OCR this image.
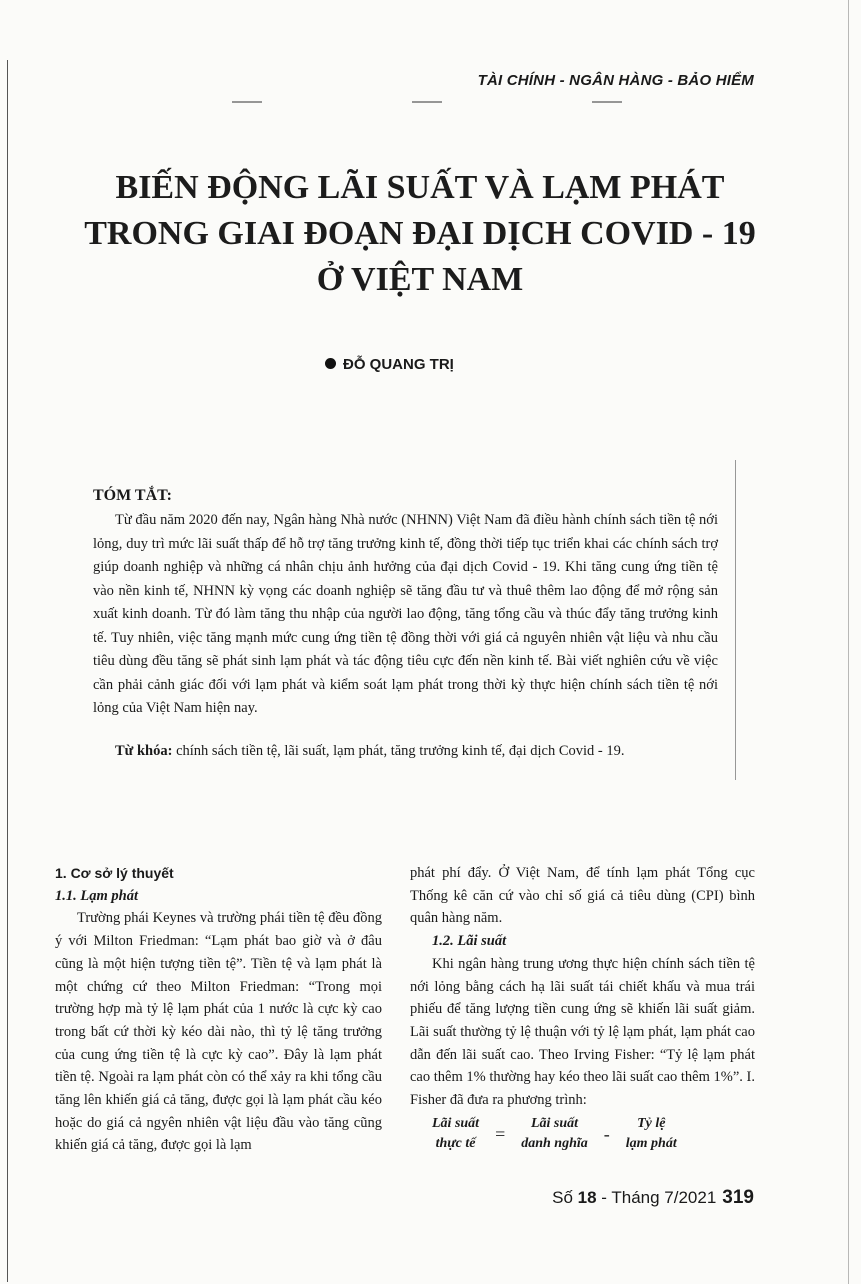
TÀI CHÍNH - NGÂN HÀNG - BẢO HIỂM
BIẾN ĐỘNG LÃI SUẤT VÀ LẠM PHÁT
TRONG GIAI ĐOẠN ĐẠI DỊCH COVID - 19
Ở VIỆT NAM
ĐỖ QUANG TRỊ
TÓM TẮT:

Từ đầu năm 2020 đến nay, Ngân hàng Nhà nước (NHNN) Việt Nam đã điều hành chính sách tiền tệ nới lỏng, duy trì mức lãi suất thấp để hỗ trợ tăng trưởng kinh tế, đồng thời tiếp tục triển khai các chính sách trợ giúp doanh nghiệp và những cá nhân chịu ảnh hưởng của đại dịch Covid - 19. Khi tăng cung ứng tiền tệ vào nền kinh tế, NHNN kỳ vọng các doanh nghiệp sẽ tăng đầu tư và thuê thêm lao động để mở rộng sản xuất kinh doanh. Từ đó làm tăng thu nhập của người lao động, tăng tổng cầu và thúc đẩy tăng trưởng kinh tế. Tuy nhiên, việc tăng mạnh mức cung ứng tiền tệ đồng thời với giá cả nguyên nhiên vật liệu và nhu cầu tiêu dùng đều tăng sẽ phát sinh lạm phát và tác động tiêu cực đến nền kinh tế. Bài viết nghiên cứu về việc cần phải cảnh giác đối với lạm phát và kiểm soát lạm phát trong thời kỳ thực hiện chính sách tiền tệ nới lỏng của Việt Nam hiện nay.

Từ khóa: chính sách tiền tệ, lãi suất, lạm phát, tăng trưởng kinh tế, đại dịch Covid - 19.
1. Cơ sở lý thuyết
1.1. Lạm phát

Trường phái Keynes và trường phái tiền tệ đều đồng ý với Milton Friedman: “Lạm phát bao giờ và ở đâu cũng là một hiện tượng tiền tệ”. Tiền tệ và lạm phát là một chứng cứ theo Milton Friedman: “Trong mọi trường hợp mà tỷ lệ lạm phát của 1 nước là cực kỳ cao trong bất cứ thời kỳ kéo dài nào, thì tỷ lệ tăng trưởng của cung ứng tiền tệ là cực kỳ cao”. Đây là lạm phát tiền tệ. Ngoài ra lạm phát còn có thể xảy ra khi tổng cầu tăng lên khiến giá cả tăng, được gọi là lạm phát cầu kéo hoặc do giá cả ngyên nhiên vật liệu đầu vào tăng cũng khiến giá cả tăng, được gọi là lạm

phát phí đẩy. Ở Việt Nam, để tính lạm phát Tổng cục Thống kê căn cứ vào chỉ số giá cả tiêu dùng (CPI) bình quân hàng năm.

1.2. Lãi suất

Khi ngân hàng trung ương thực hiện chính sách tiền tệ nới lỏng bằng cách hạ lãi suất tái chiết khấu và mua trái phiếu để tăng lượng tiền cung ứng sẽ khiến lãi suất giảm. Lãi suất thường tỷ lệ thuận với tỷ lệ lạm phát, lạm phát cao dẫn đến lãi suất cao. Theo Irving Fisher: “Tỷ lệ lạm phát cao thêm 1% thường hay kéo theo lãi suất cao thêm 1%”. I. Fisher đã đưa ra phương trình:

Lãi suất
thực tế =
Lãi suất
danh nghĩa -
Tỷ lệ
lạm phát
Số 18 - Tháng 7/2021 319
